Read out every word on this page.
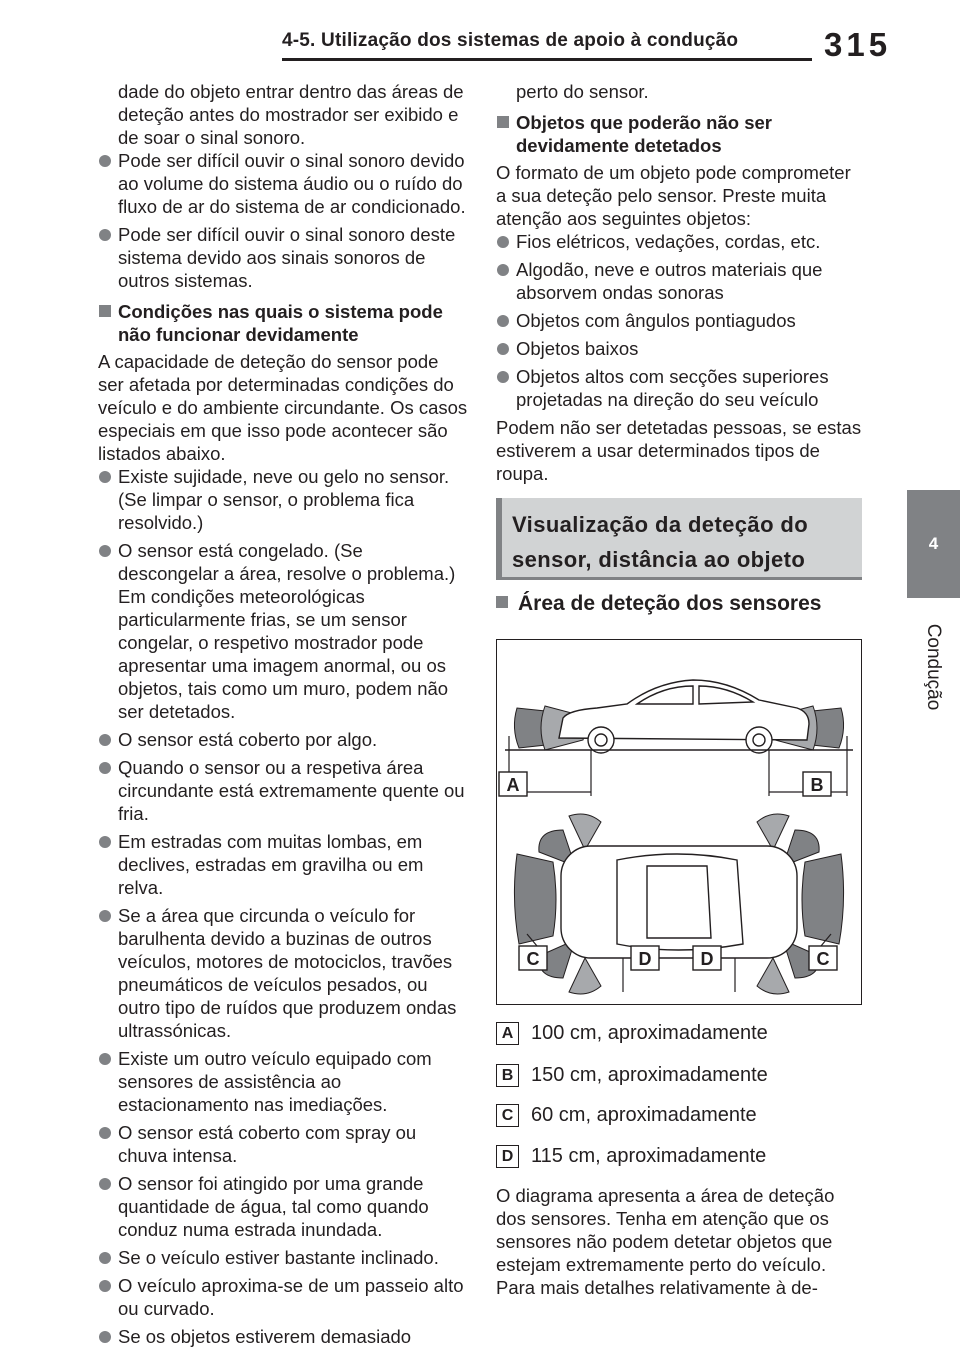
4-5. Utilização dos sistemas de apoio à condução	315
4
Condução

dade do objeto entrar dentro das áreas de deteção antes do mostrador ser exibido e de soar o sinal sonoro.

Pode ser difícil ouvir o sinal sonoro devido ao volume do sistema áudio ou o ruído do fluxo de ar do sistema de ar condicionado.
Pode ser difícil ouvir o sinal sonoro deste sistema devido aos sinais sonoros de outros sistemas.
Condições nas quais o sistema pode não funcionar devidamente

A capacidade de deteção do sensor pode ser afetada por determinadas condições do veículo e do ambiente circundante. Os casos especiais em que isso pode acontecer são listados abaixo.

Existe sujidade, neve ou gelo no sensor. (Se limpar o sensor, o problema fica resolvido.)
O sensor está congelado. (Se descongelar a área, resolve o problema.) Em condições meteorológicas particularmente frias, se um sensor congelar, o respetivo mostrador pode apresentar uma imagem anormal, ou os objetos, tais como um muro, podem não ser detetados.
O sensor está coberto por algo.
Quando o sensor ou a respetiva área circundante está extremamente quente ou fria.
Em estradas com muitas lombas, em declives, estradas em gravilha ou em relva.
Se a área que circunda o veículo for barulhenta devido a buzinas de outros veículos, motores de motociclos, travões pneumáticos de veículos pesados, ou outro tipo de ruídos que produzem ondas ultrassónicas.
Existe um outro veículo equipado com sensores de assistência ao estacionamento nas imediações.
O sensor está coberto com spray ou chuva intensa.
O sensor foi atingido por uma grande quantidade de água, tal como quando conduz numa estrada inundada.
Se o veículo estiver bastante inclinado.
O veículo aproxima-se de um passeio alto ou curvado.
Se os objetos estiverem demasiado

perto do sensor.

Objetos que poderão não ser devidamente detetados

O formato de um objeto pode comprometer a sua deteção pelo sensor. Preste muita atenção aos seguintes objetos:

Fios elétricos, vedações, cordas, etc.
Algodão, neve e outros materiais que absorvem ondas sonoras
Objetos com ângulos pontiagudos
Objetos baixos
Objetos altos com secções superiores projetadas na direção do seu veículo

Podem não ser detetadas pessoas, se estas estiverem a usar determinados tipos de roupa.

Visualização da deteção do sensor, distância ao objeto
Área de deteção dos sensores
A	B
C	D	D	C
A 100 cm, aproximadamente
B 150 cm, aproximadamente
C 60 cm, aproximadamente
D 115 cm, aproximadamente

O diagrama apresenta a área de deteção dos sensores. Tenha em atenção que os sensores não podem detetar objetos que estejam extremamente perto do veículo.

Para mais detalhes relativamente à de-
